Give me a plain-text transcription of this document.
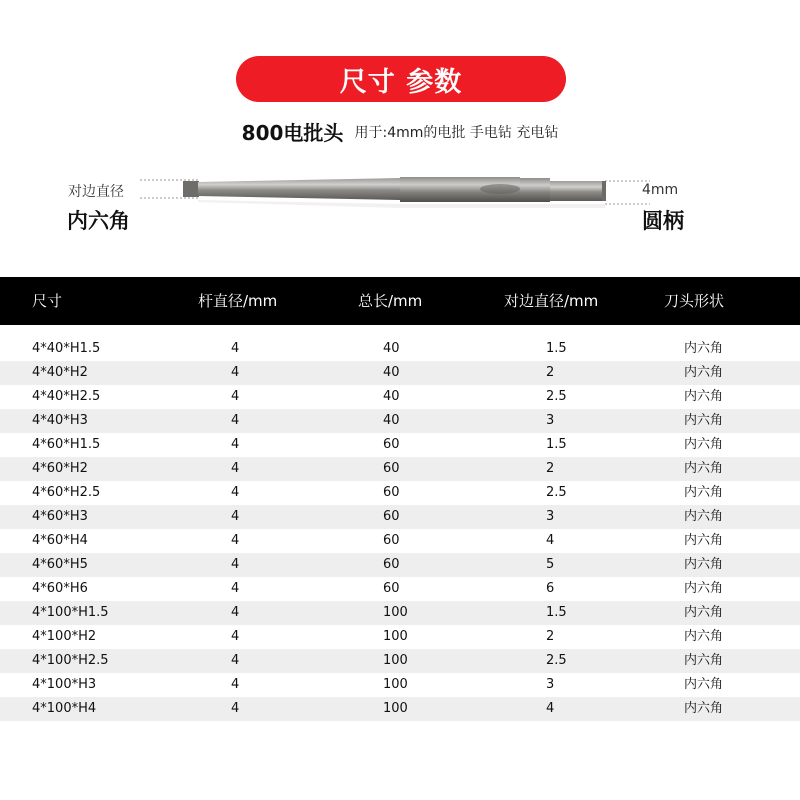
尺寸 参数
800电批头 用于:4mm的电批 手电钻 充电钻
对边直径
内六角
4mm
圆柄
尺寸	杆直径/mm	总长/mm	对边直径/mm	刀头形状
4*40*H1.5	4	40	1.5	内六角
4*40*H2	4	40	2	内六角
4*40*H2.5	4	40	2.5	内六角
4*40*H3	4	40	3	内六角
4*60*H1.5	4	60	1.5	内六角
4*60*H2	4	60	2	内六角
4*60*H2.5	4	60	2.5	内六角
4*60*H3	4	60	3	内六角
4*60*H4	4	60	4	内六角
4*60*H5	4	60	5	内六角
4*60*H6	4	60	6	内六角
4*100*H1.5	4	100	1.5	内六角
4*100*H2	4	100	2	内六角
4*100*H2.5	4	100	2.5	内六角
4*100*H3	4	100	3	内六角
4*100*H4	4	100	4	内六角
